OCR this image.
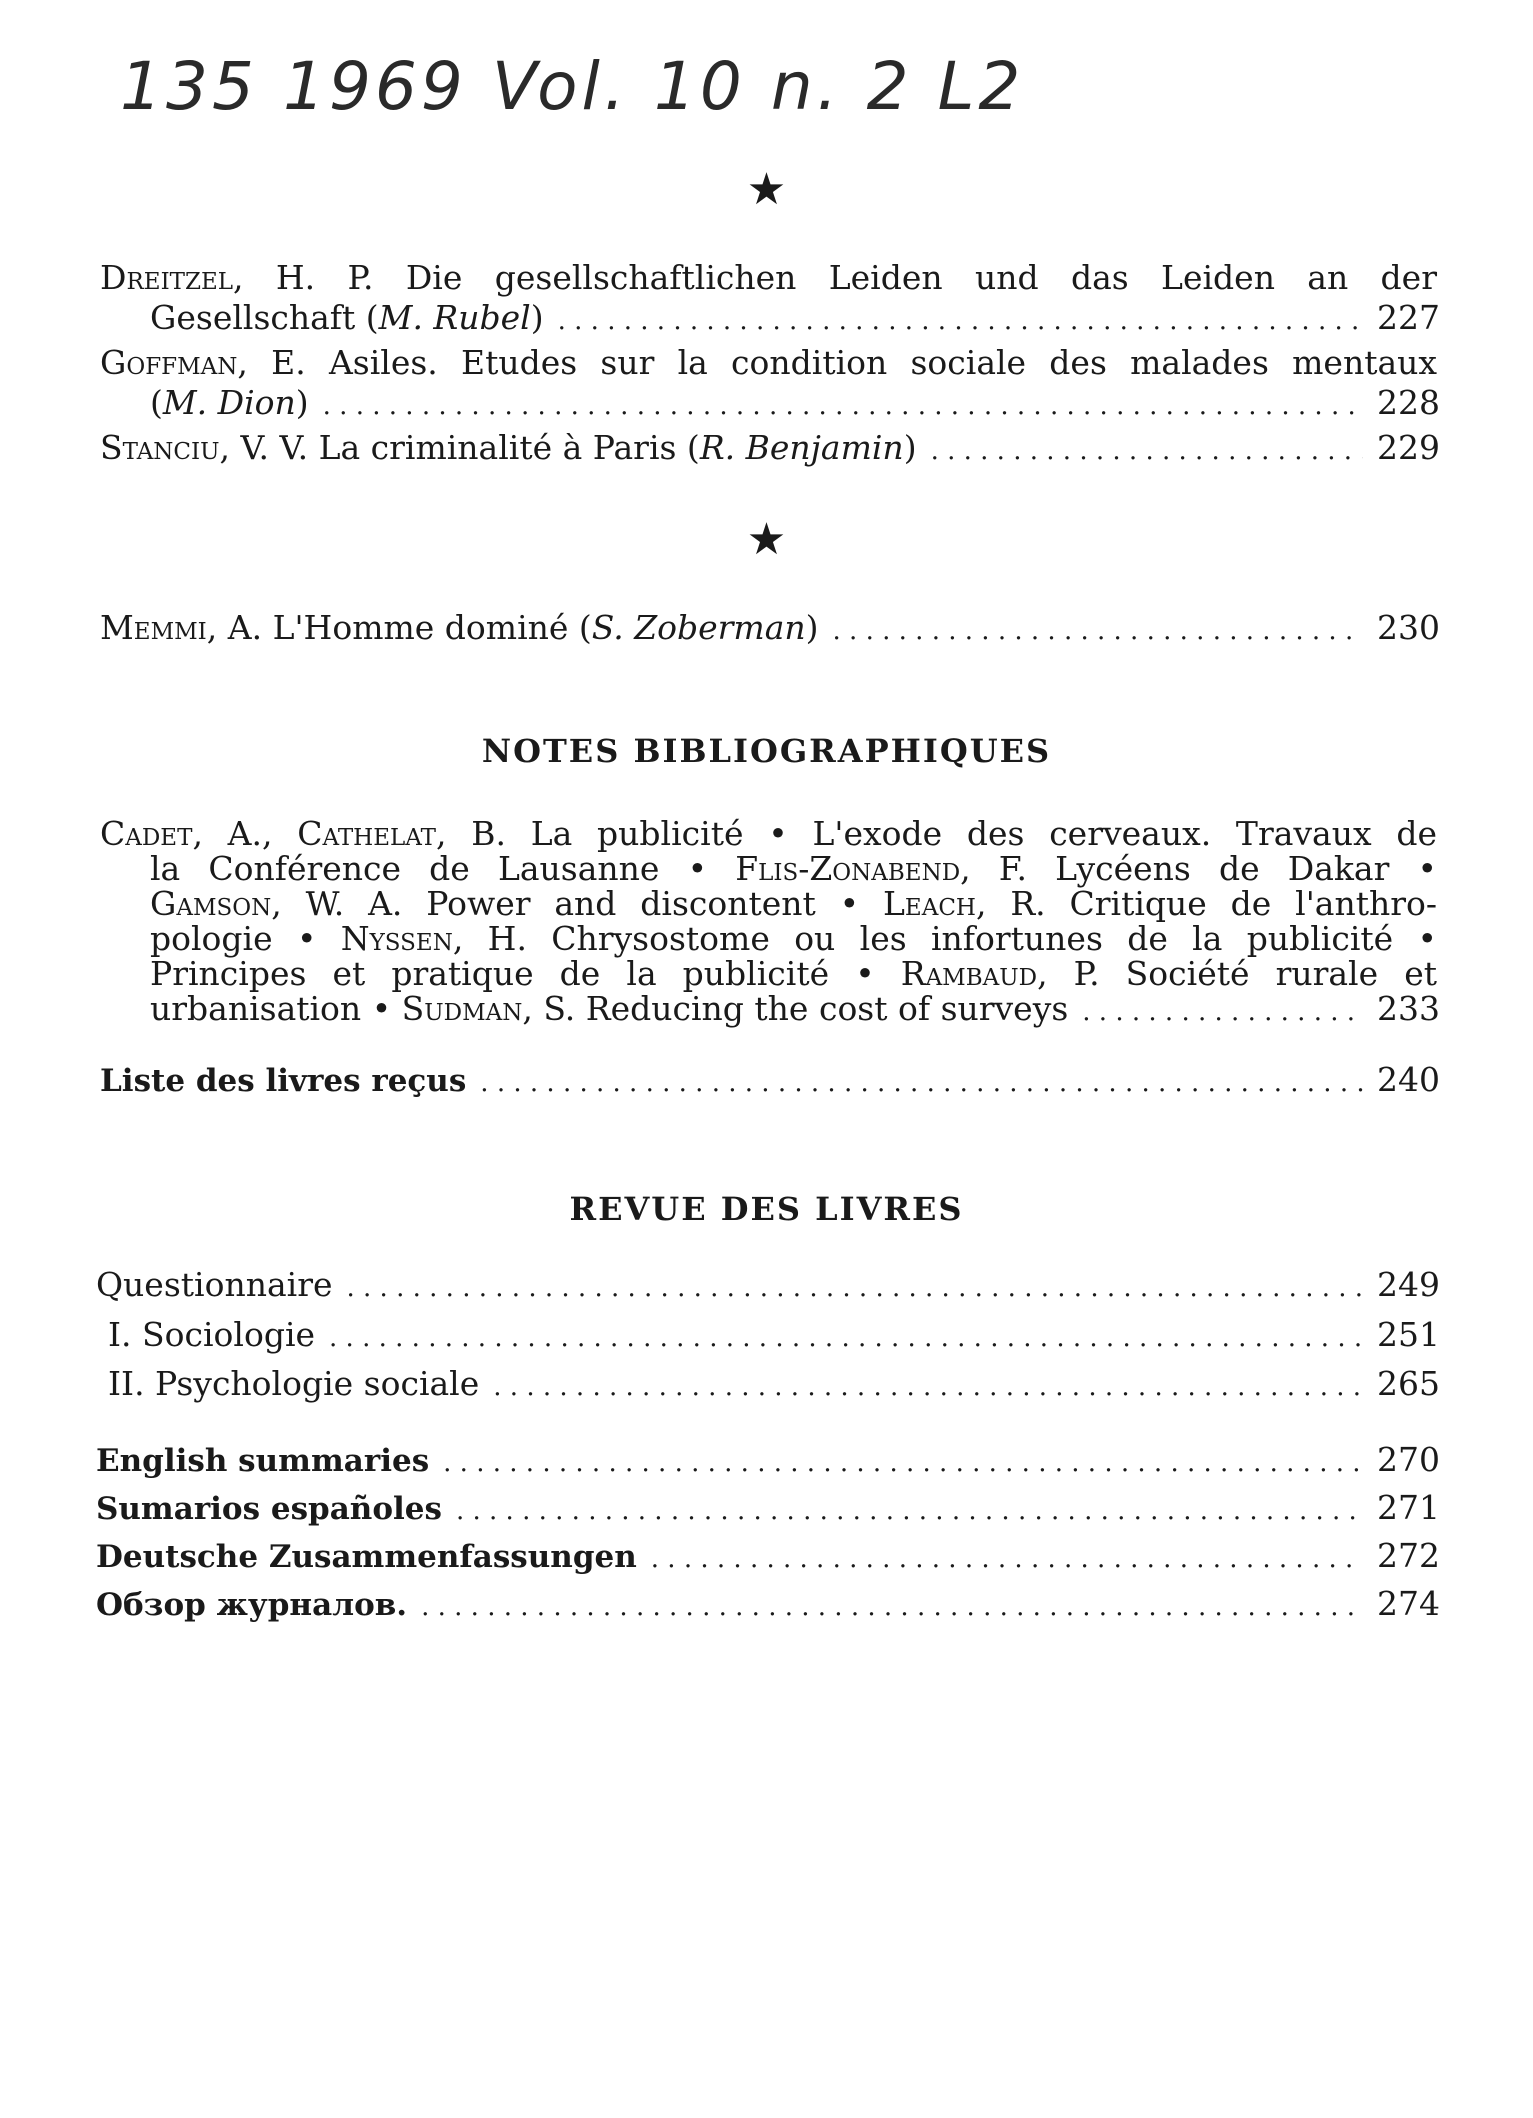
135 1969 Vol. 10 n. 2 L2
★
Dreitzel, H. P. Die gesellschaftlichen Leiden und das Leiden an der
Gesellschaft (M. Rubel) . . .	227
Goffman, E. Asiles. Etudes sur la condition sociale des malades mentaux
(M. Dion) . . .	228
Stanciu, V. V. La criminalité à Paris (R. Benjamin) . . .	229
★
Memmi, A. L'Homme dominé (S. Zoberman) . . .	230
NOTES BIBLIOGRAPHIQUES
Cadet, A., Cathelat, B. La publicité • L'exode des cerveaux. Travaux de
la Conférence de Lausanne • Flis-Zonabend, F. Lycéens de Dakar •
Gamson, W. A. Power and discontent • Leach, R. Critique de l'anthro-
pologie • Nyssen, H. Chrysostome ou les infortunes de la publicité •
Principes et pratique de la publicité • Rambaud, P. Société rurale et
urbanisation • Sudman, S. Reducing the cost of surveys . . .	233
Liste des livres reçus . . .	240
REVUE DES LIVRES
Questionnaire . . .	249
I. Sociologie . . .	251
II. Psychologie sociale . . .	265
English summaries . . .	270
Sumarios españoles . . .	271
Deutsche Zusammenfassungen . . .	272
Обзор журналов. . . .	274
